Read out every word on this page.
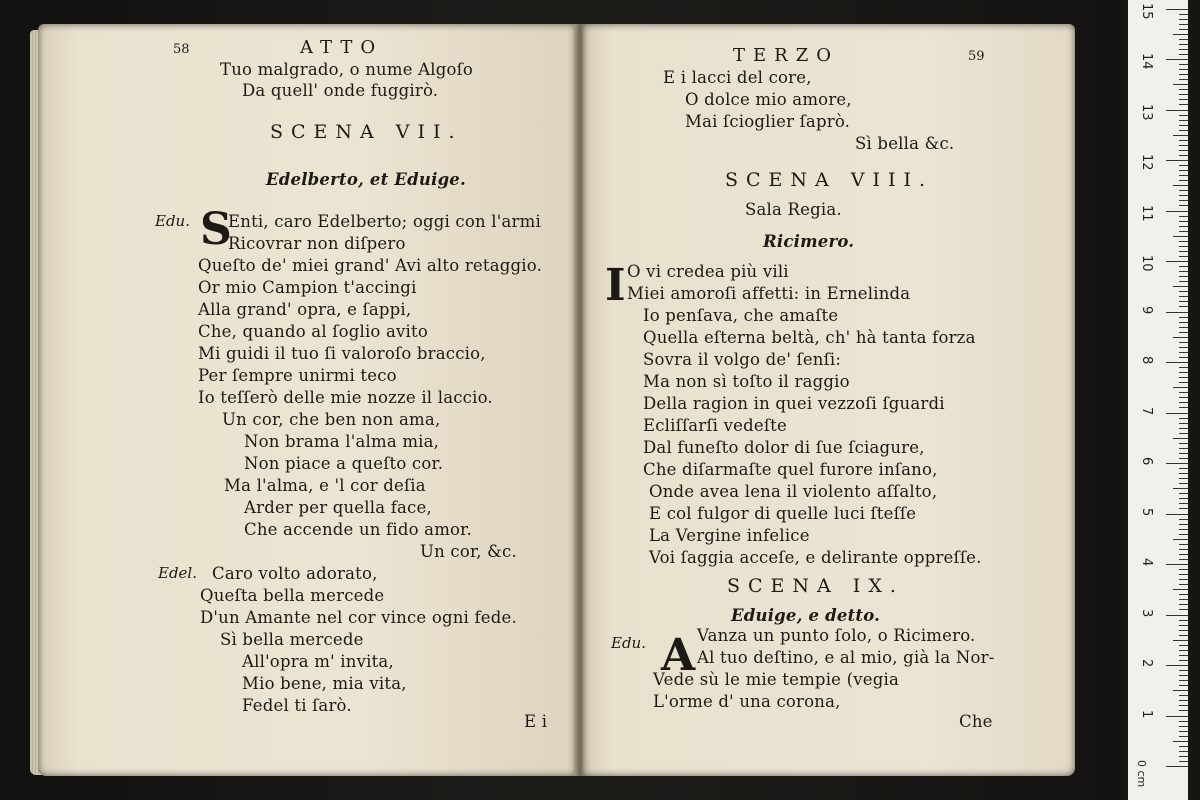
58	ATTO
Tuo malgrado, o nume Algoſo
Da quell' onde fuggirò.
SCENA VII.
Edelberto, et Eduige.
Edu. S
Enti, caro Edelberto; oggi con l'armi
Ricovrar non diſpero
Queſto de' miei grand' Avi alto retaggio.
Or mio Campion t'accingi
Alla grand' opra, e ſappi,
Che, quando al ſoglio avito
Mi guidi il tuo ſi valoroſo braccio,
Per ſempre unirmi teco
Io teſſerò delle mie nozze il laccio.
Un cor, che ben non ama,
Non brama l'alma mia,
Non piace a queſto cor.
Ma l'alma, e 'l cor deſia
Arder per quella face,
Che accende un fido amor.
Un cor, &c.
Edel. Caro volto adorato,
Queſta bella mercede
D'un Amante nel cor vince ogni fede.
Sì bella mercede
All'opra m' invita,
Mio bene, mia vita,
Fedel ti ſarò.
E i
TERZO	59
E i lacci del core,
O dolce mio amore,
Mai ſcioglier ſaprò.
Sì bella &c.
SCENA VIII.
Sala Regia.
Ricimero.
I O vi credea più vili
Miei amoroſi affetti: in Ernelinda
Io penſava, che amaſte
Quella eſterna beltà, ch' hà tanta forza
Sovra il volgo de' ſenſi:
Ma non sì toſto il raggio
Della ragion in quei vezzoſi ſguardi
Ecliſſarſi vedeſte
Dal funeſto dolor di ſue ſciagure,
Che diſarmaſte quel furore inſano,
Onde avea lena il violento aſſalto,
E col fulgor di quelle luci ſteſſe
La Vergine infelice
Voi ſaggia acceſe, e delirante oppreſſe.
SCENA IX.
Eduige, e detto.
Edu. A Vanza un punto ſolo, o Ricimero.
Al tuo deſtino, e al mio, già la Nor-
Vede sù le mie tempie (vegia
L'orme d' una corona,
Che
0 cm
1
2
3
4
5
6
7
8
9
10
11
12
13
14
15
